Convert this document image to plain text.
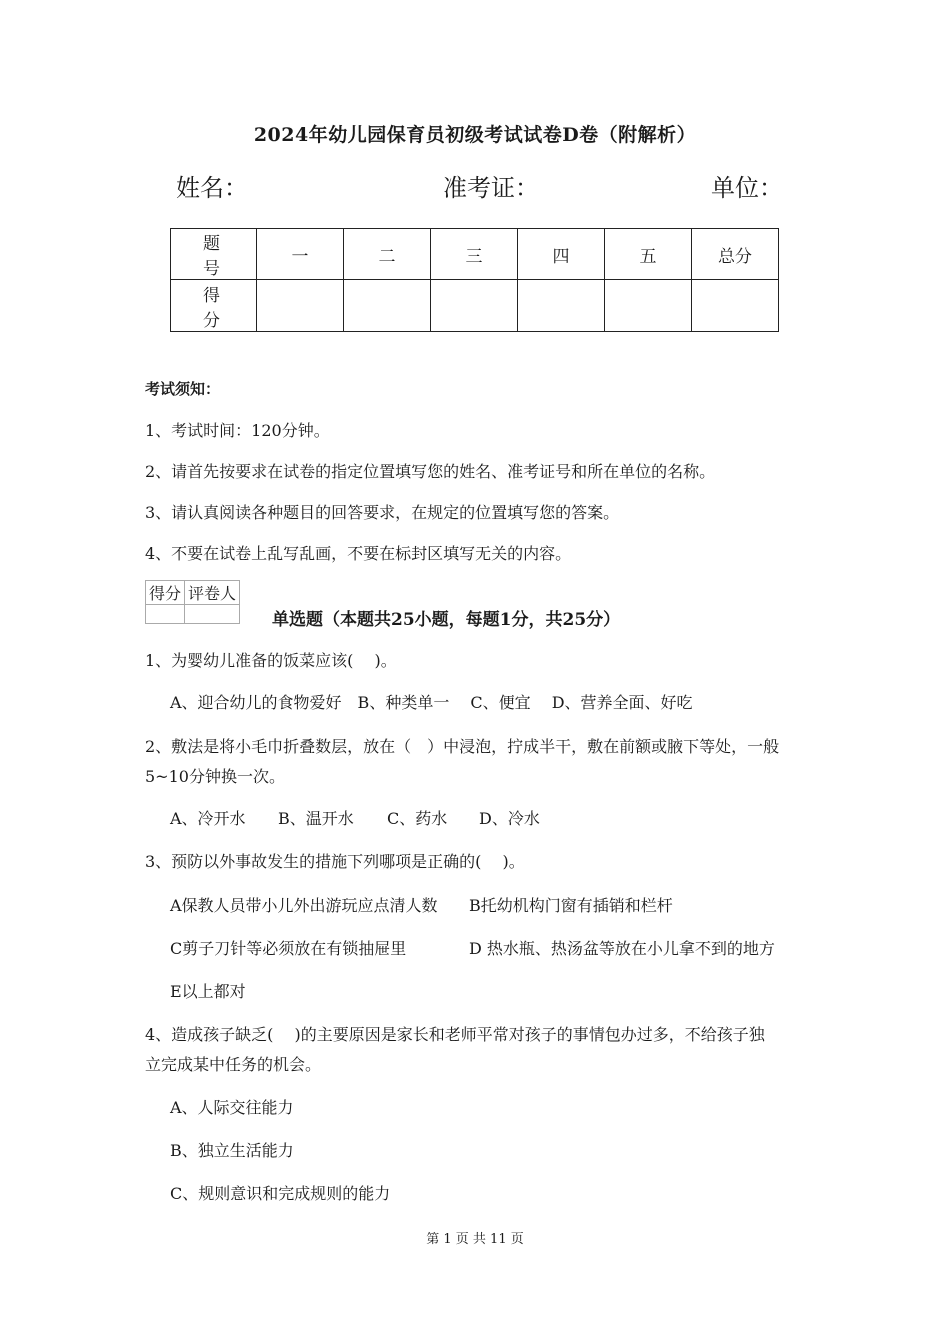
2024年幼儿园保育员初级考试试卷D卷（附解析）
姓名：	准考证：	单位：
题　号	一	二	三	四	五	总分
得　分						
考试须知：
1、考试时间：120分钟。
2、请首先按要求在试卷的指定位置填写您的姓名、准考证号和所在单位的名称。
3、请认真阅读各种题目的回答要求，在规定的位置填写您的答案。
4、不要在试卷上乱写乱画，不要在标封区填写无关的内容。
得分	评卷人

单选题（本题共25小题，每题1分，共25分）
1、为婴幼儿准备的饭菜应该(　 )。
A、迎合幼儿的食物爱好　B、种类单一　 C、便宜　 D、营养全面、好吃
2、敷法是将小毛巾折叠数层，放在（　）中浸泡，拧成半干，敷在前额或腋下等处，一般
5~10分钟换一次。
A、冷开水 B、温开水 C、药水 D、冷水
3、预防以外事故发生的措施下列哪项是正确的(　 )。
A保教人员带小儿外出游玩应点清人数 B托幼机构门窗有插销和栏杆
C剪子刀针等必须放在有锁抽屉里	D 热水瓶、热汤盆等放在小儿拿不到的地方
E以上都对
4、造成孩子缺乏(　 )的主要原因是家长和老师平常对孩子的事情包办过多，不给孩子独
立完成某中任务的机会。
A、人际交往能力
B、独立生活能力
C、规则意识和完成规则的能力
第 1 页 共 11 页
